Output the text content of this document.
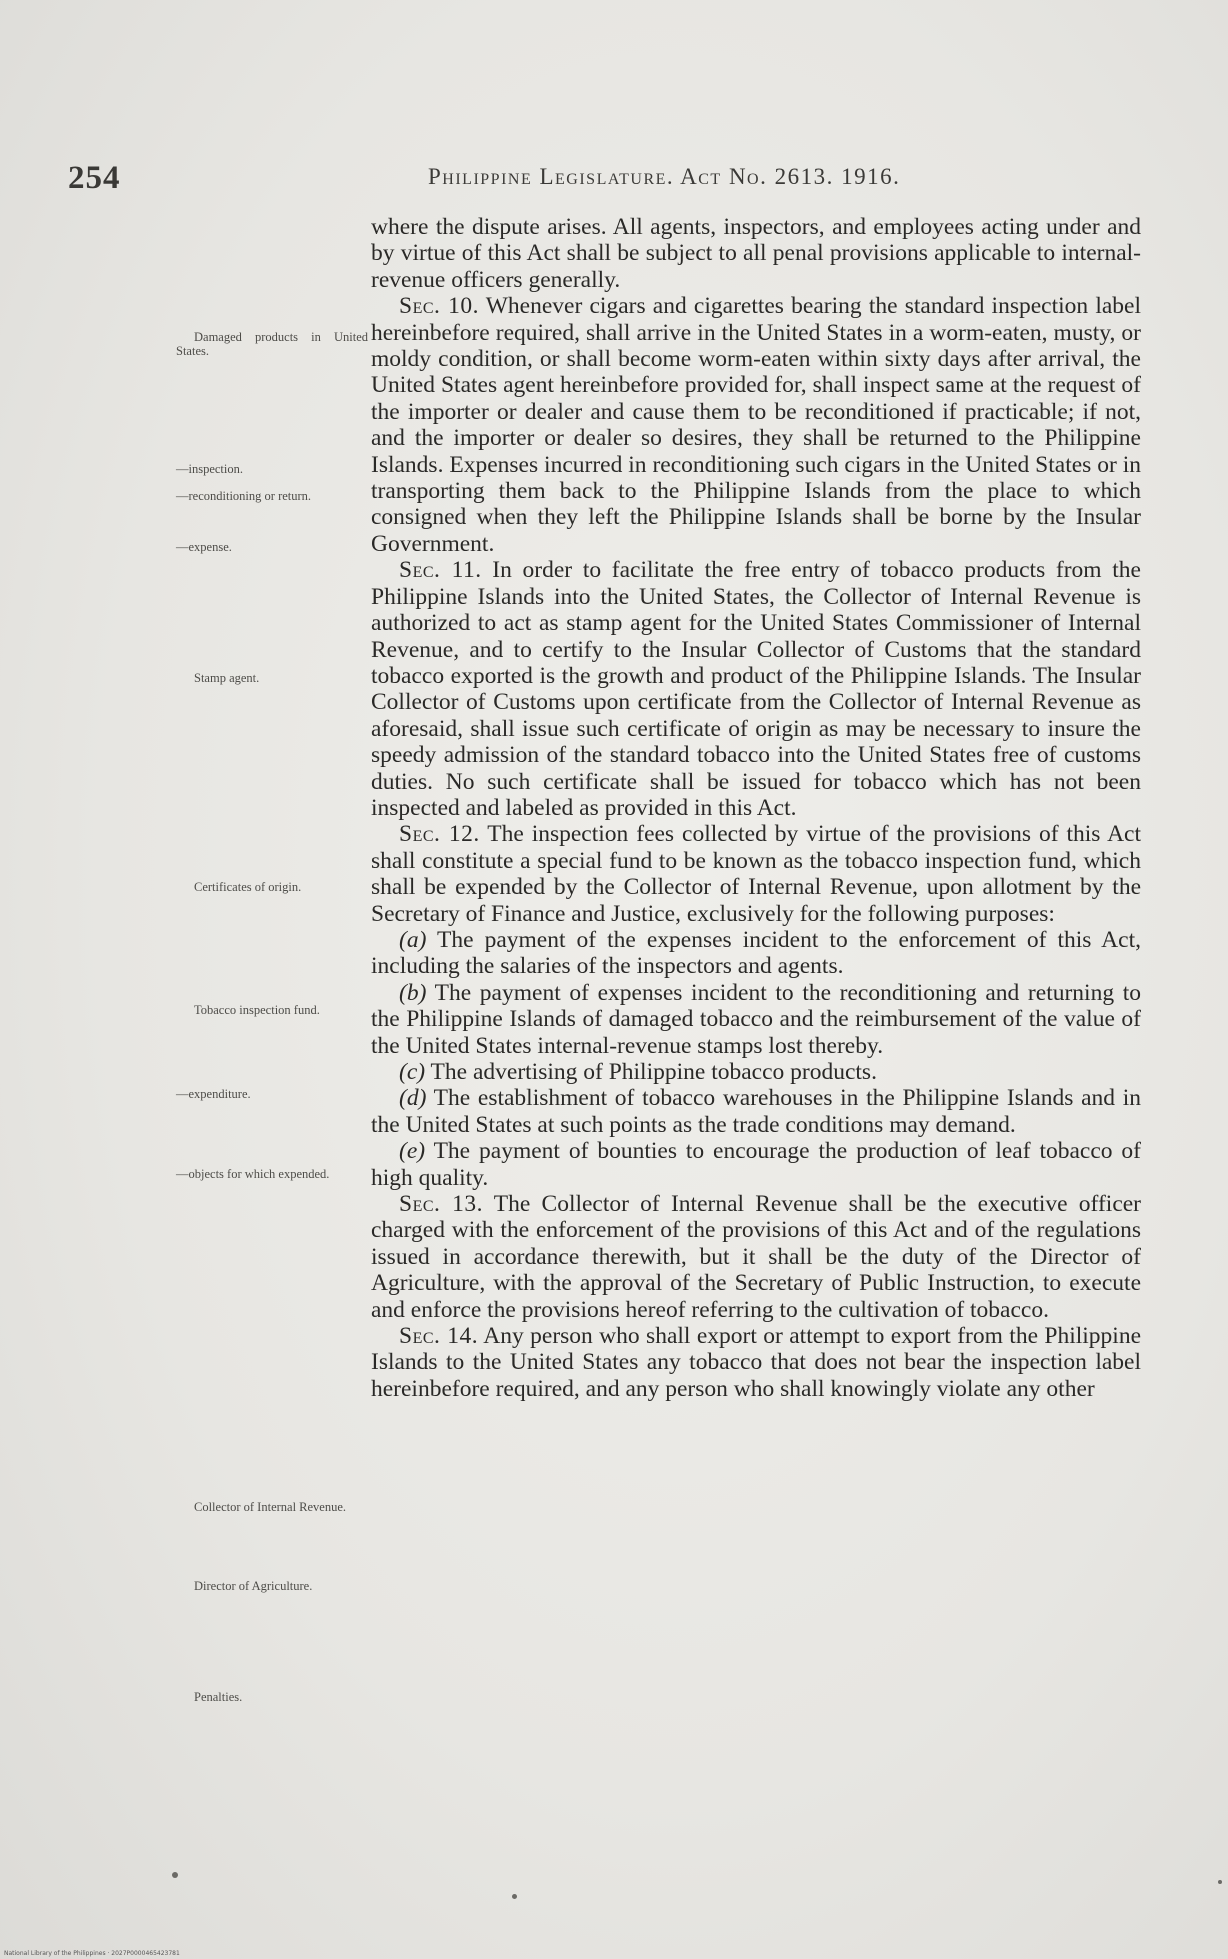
254	Philippine Legislature. Act No. 2613. 1916.
Damaged products in United States.
—inspection.
—reconditioning or return.
—expense.
Stamp agent.
Certificates of origin.
Tobacco inspection fund.
—expenditure.
—objects for which expended.
Collector of Internal Revenue.
Director of Agriculture.
Penalties.

where the dispute arises. All agents, inspectors, and employees acting under and by virtue of this Act shall be subject to all penal provisions applicable to internal-revenue officers generally.

Sec. 10. Whenever cigars and cigarettes bearing the standard inspection label hereinbefore required, shall arrive in the United States in a worm-eaten, musty, or moldy condition, or shall become worm-eaten within sixty days after arrival, the United States agent hereinbefore provided for, shall inspect same at the request of the importer or dealer and cause them to be reconditioned if practicable; if not, and the importer or dealer so desires, they shall be returned to the Philippine Islands. Expenses incurred in reconditioning such cigars in the United States or in transporting them back to the Philippine Islands from the place to which consigned when they left the Philippine Islands shall be borne by the Insular Government.

Sec. 11. In order to facilitate the free entry of tobacco products from the Philippine Islands into the United States, the Collector of Internal Revenue is authorized to act as stamp agent for the United States Commissioner of Internal Revenue, and to certify to the Insular Collector of Customs that the standard tobacco exported is the growth and product of the Philippine Islands. The Insular Collector of Customs upon certificate from the Collector of Internal Revenue as aforesaid, shall issue such certificate of origin as may be necessary to insure the speedy admission of the standard tobacco into the United States free of customs duties. No such certificate shall be issued for tobacco which has not been inspected and labeled as provided in this Act.

Sec. 12. The inspection fees collected by virtue of the provisions of this Act shall constitute a special fund to be known as the tobacco inspection fund, which shall be expended by the Collector of Internal Revenue, upon allotment by the Secretary of Finance and Justice, exclusively for the following purposes:

(a) The payment of the expenses incident to the enforcement of this Act, including the salaries of the inspectors and agents.

(b) The payment of expenses incident to the reconditioning and returning to the Philippine Islands of damaged tobacco and the reimbursement of the value of the United States internal-revenue stamps lost thereby.

(c) The advertising of Philippine tobacco products.

(d) The establishment of tobacco warehouses in the Philippine Islands and in the United States at such points as the trade conditions may demand.

(e) The payment of bounties to encourage the production of leaf tobacco of high quality.

Sec. 13. The Collector of Internal Revenue shall be the executive officer charged with the enforcement of the provisions of this Act and of the regulations issued in accordance therewith, but it shall be the duty of the Director of Agriculture, with the approval of the Secretary of Public Instruction, to execute and enforce the provisions hereof referring to the cultivation of tobacco.

Sec. 14. Any person who shall export or attempt to export from the Philippine Islands to the United States any tobacco that does not bear the inspection label hereinbefore required, and any person who shall knowingly violate any other

National Library of the Philippines · 2027P0000465423781
